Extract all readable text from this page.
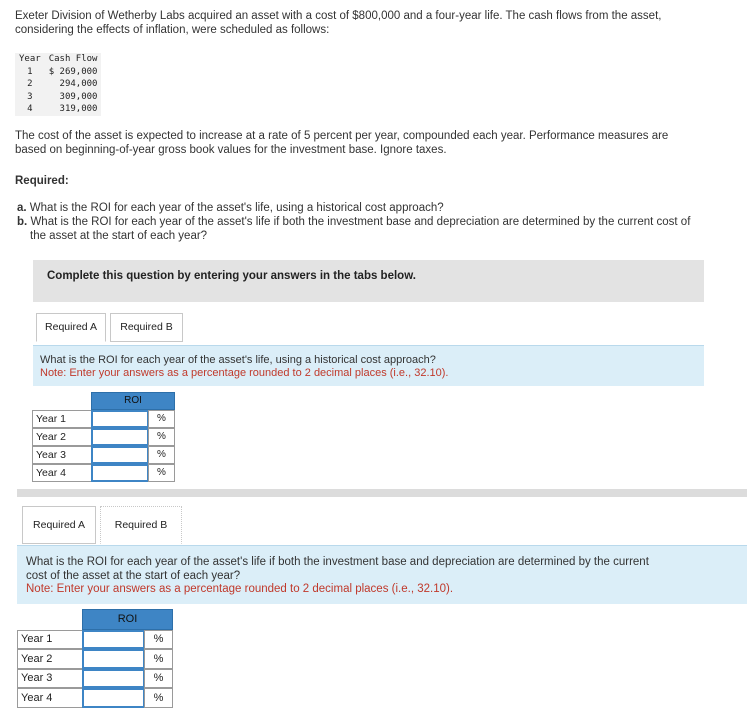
Exeter Division of Wetherby Labs acquired an asset with a cost of $800,000 and a four-year life. The cash flows from the asset,
considering the effects of inflation, were scheduled as follows:
Year	Cash Flow
1	$ 269,000
2	294,000
3	309,000
4	319,000
The cost of the asset is expected to increase at a rate of 5 percent per year, compounded each year. Performance measures are
based on beginning-of-year gross book values for the investment base. Ignore taxes.
Required:
a. What is the ROI for each year of the asset's life, using a historical cost approach?
b. What is the ROI for each year of the asset's life if both the investment base and depreciation are determined by the current cost of
the asset at the start of each year?
Complete this question by entering your answers in the tabs below.
Required A	Required B
What is the ROI for each year of the asset's life, using a historical cost approach?
Note: Enter your answers as a percentage rounded to 2 decimal places (i.e., 32.10).
ROI
Year 1	%
Year 2	%
Year 3	%
Year 4	%
Required A	Required B
What is the ROI for each year of the asset's life if both the investment base and depreciation are determined by the current
cost of the asset at the start of each year?
Note: Enter your answers as a percentage rounded to 2 decimal places (i.e., 32.10).
ROI
Year 1	%
Year 2	%
Year 3	%
Year 4	%
